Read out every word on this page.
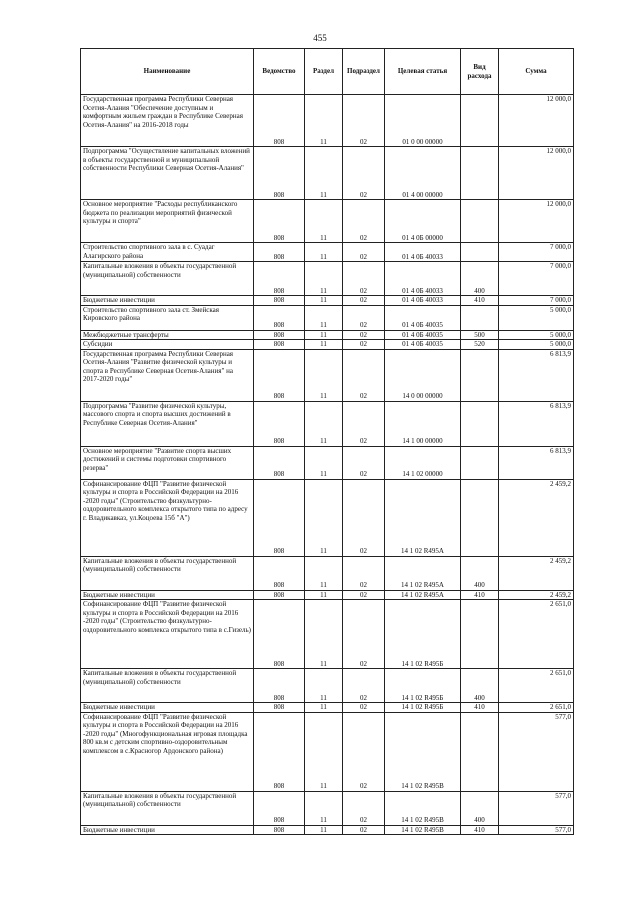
455
Наименование	Ведомство	Раздел	Подраздел	Целевая статья	Вид расхода	Сумма
Государственная программа Республики Северная Осетия-Алания "Обеспечение доступным и комфортным жильем граждан в Республике Северная Осетия-Алания" на 2016-2018 годы	808	11	02	01 0 00 00000		12 000,0
Подпрограмма "Осуществление капитальных вложений в объекты государственной и муниципальной собственности Республики Северная Осетия-Алания"	808	11	02	01 4 00 00000		12 000,0
Основное мероприятие "Расходы республиканского бюджета по реализации мероприятий физической культуры и спорта"	808	11	02	01 4 0Б 00000		12 000,0
Строительство спортивного зала в с. Суадаг Алагирского района	808	11	02	01 4 0Б 40033		7 000,0
Капитальные вложения в объекты государственной (муниципальной) собственности	808	11	02	01 4 0Б 40033	400	7 000,0
Бюджетные инвестиции	808	11	02	01 4 0Б 40033	410	7 000,0
Строительство спортивного зала ст. Змейская Кировского района	808	11	02	01 4 0Б 40035		5 000,0
Межбюджетные трансферты	808	11	02	01 4 0Б 40035	500	5 000,0
Субсидии	808	11	02	01 4 0Б 40035	520	5 000,0
Государственная программа Республики Северная Осетия-Алания "Развитие физической культуры и спорта в Республике Северная Осетия-Алания" на 2017-2020 годы"	808	11	02	14 0 00 00000		6 813,9
Подпрограмма "Развитие физической культуры, массового спорта и спорта высших достижений в Республике Северная Осетия-Алания"	808	11	02	14 1 00 00000		6 813,9
Основное мероприятие "Развитие спорта высших достижений и системы подготовки спортивного резерва"	808	11	02	14 1 02 00000		6 813,9
Софинансирование ФЦП "Развитие физической культуры и спорта в Российской Федерации на 2016 -2020 годы" (Строительство физкультурно-оздоровительного комплекса открытого типа по адресу г. Владикавказ, ул.Коцоева 15б "А")	808	11	02	14 1 02 R495A		2 459,2
Капитальные вложения в объекты государственной (муниципальной) собственности	808	11	02	14 1 02 R495A	400	2 459,2
Бюджетные инвестиции	808	11	02	14 1 02 R495A	410	2 459,2
Софинансирование ФЦП "Развитие физической культуры и спорта в Российской Федерации на 2016 -2020 годы" (Строительство физкультурно-оздоровительного комплекса открытого типа в с.Гизель)	808	11	02	14 1 02 R495Б		2 651,0
Капитальные вложения в объекты государственной (муниципальной) собственности	808	11	02	14 1 02 R495Б	400	2 651,0
Бюджетные инвестиции	808	11	02	14 1 02 R495Б	410	2 651,0
Софинансирование ФЦП "Развитие физической культуры и спорта в Российской Федерации на 2016 -2020 годы" (Многофункциональная игровая площадка 800 кв.м с детским спортивно-оздоровительным комплексом в с.Красногор Ардонского района)	808	11	02	14 1 02 R495В		577,0
Капитальные вложения в объекты государственной (муниципальной) собственности	808	11	02	14 1 02 R495В	400	577,0
Бюджетные инвестиции	808	11	02	14 1 02 R495В	410	577,0
